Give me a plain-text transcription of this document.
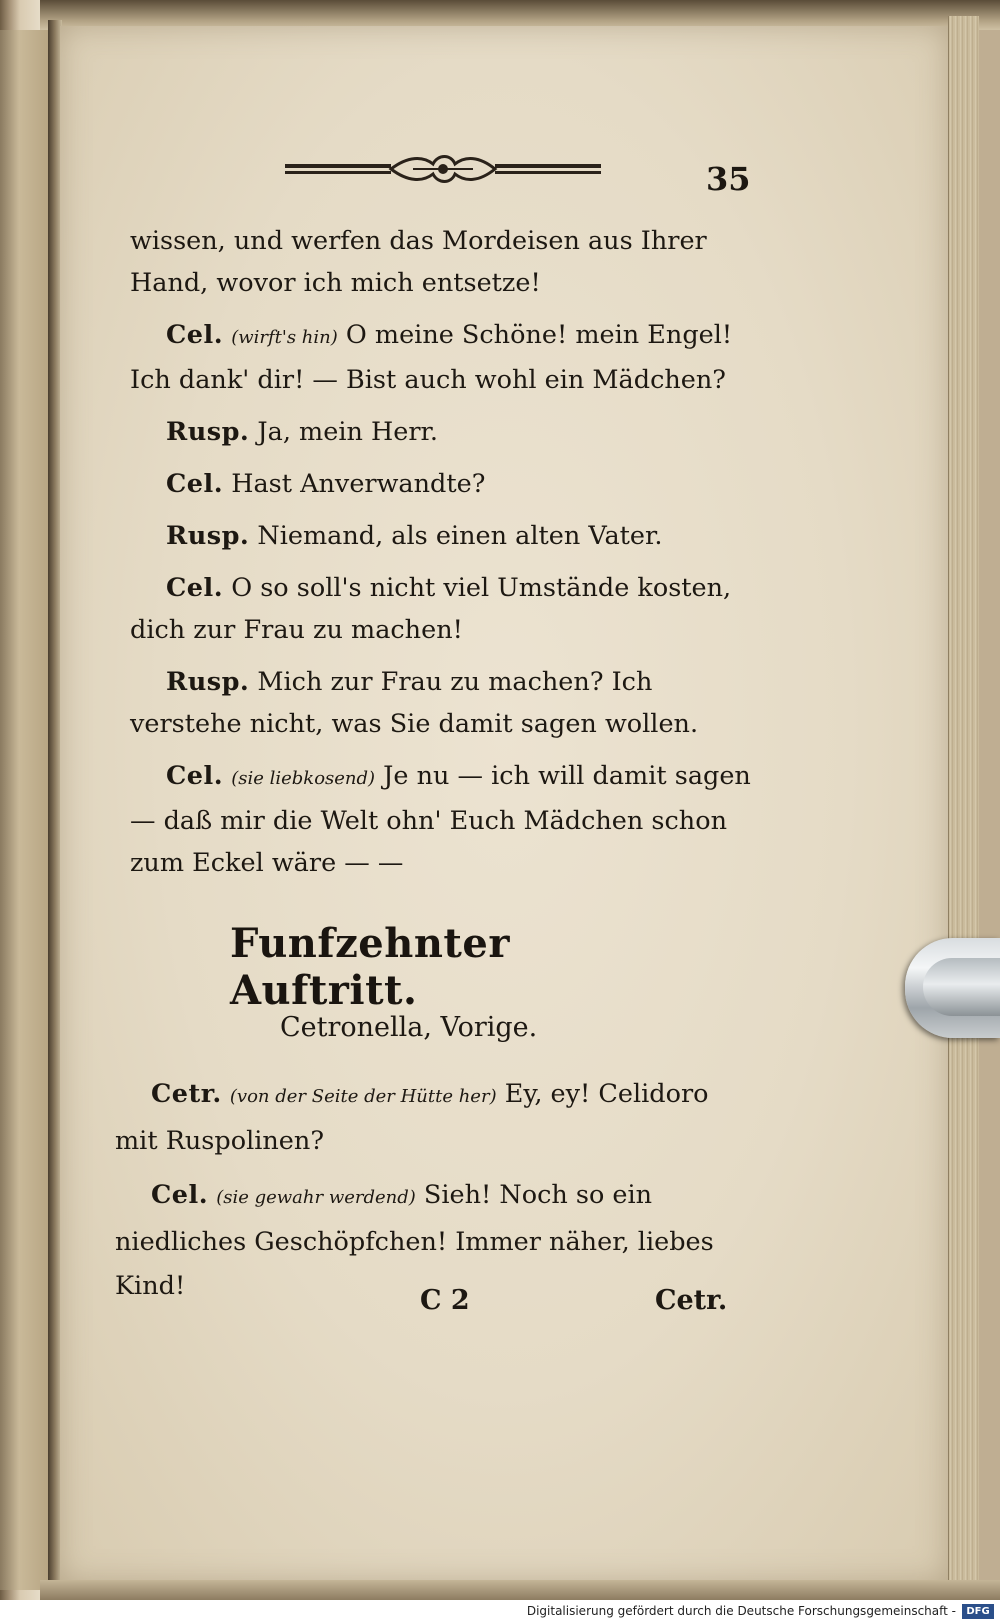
35

wissen, und werfen das Mordeisen aus Ihrer Hand, wovor ich mich entsetze!

Cel. (wirft's hin) O meine Schöne! mein Engel! Ich dank' dir! — Bist auch wohl ein Mädchen?

Rusp. Ja, mein Herr.

Cel. Hast Anverwandte?

Rusp. Niemand, als einen alten Vater.

Cel. O so soll's nicht viel Umstände kosten, dich zur Frau zu machen!

Rusp. Mich zur Frau zu machen? Ich verstehe nicht, was Sie damit sagen wollen.

Cel. (sie liebkosend) Je nu — ich will damit sagen — daß mir die Welt ohn' Euch Mädchen schon zum Eckel wäre — —

Funfzehnter Auftritt.
Cetronella, Vorige.

Cetr. (von der Seite der Hütte her) Ey, ey! Celidoro mit Ruspolinen?

Cel. (sie gewahr werdend) Sieh! Noch so ein niedliches Geschöpfchen! Immer näher, liebes Kind!	C 2	Cetr.
Digitalisierung gefördert durch die Deutsche Forschungsgemeinschaft -	DFG
